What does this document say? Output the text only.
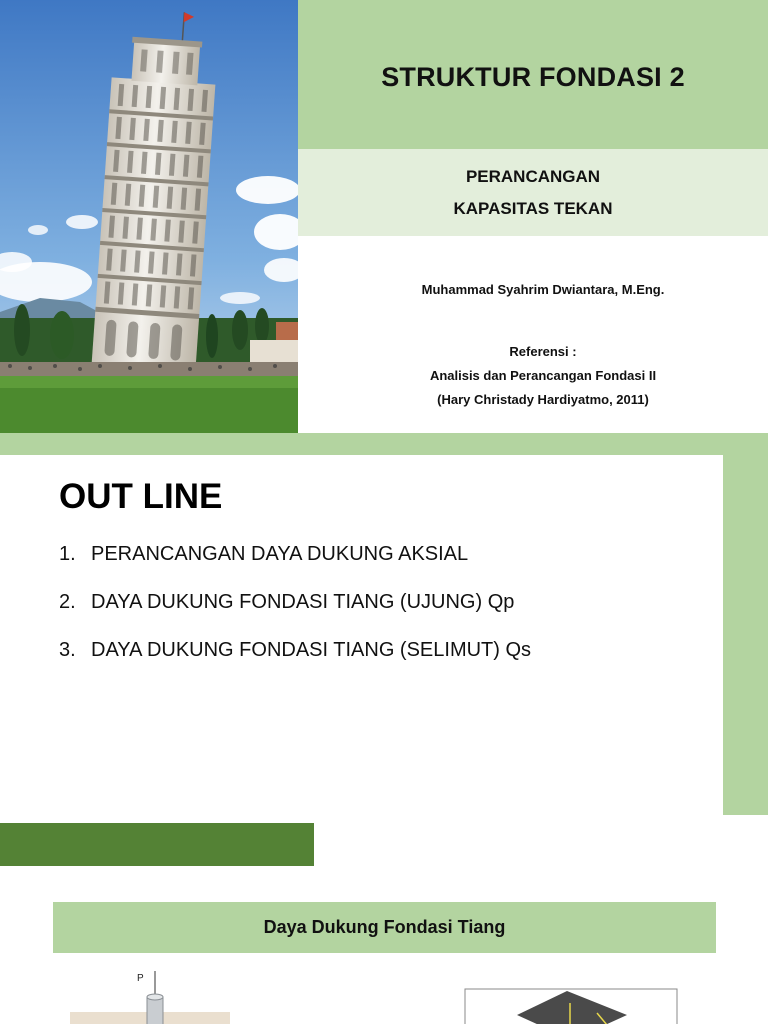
STRUKTUR FONDASI 2
PERANCANGAN
KAPASITAS TEKAN
Muhammad Syahrim Dwiantara, M.Eng.
Referensi :
Analisis dan Perancangan Fondasi II
(Hary Christady Hardiyatmo, 2011)
OUT LINE
1. PERANCANGAN DAYA DUKUNG AKSIAL
2. DAYA DUKUNG FONDASI TIANG (UJUNG) Qp
3. DAYA DUKUNG FONDASI TIANG (SELIMUT) Qs
Daya Dukung Fondasi Tiang
P
